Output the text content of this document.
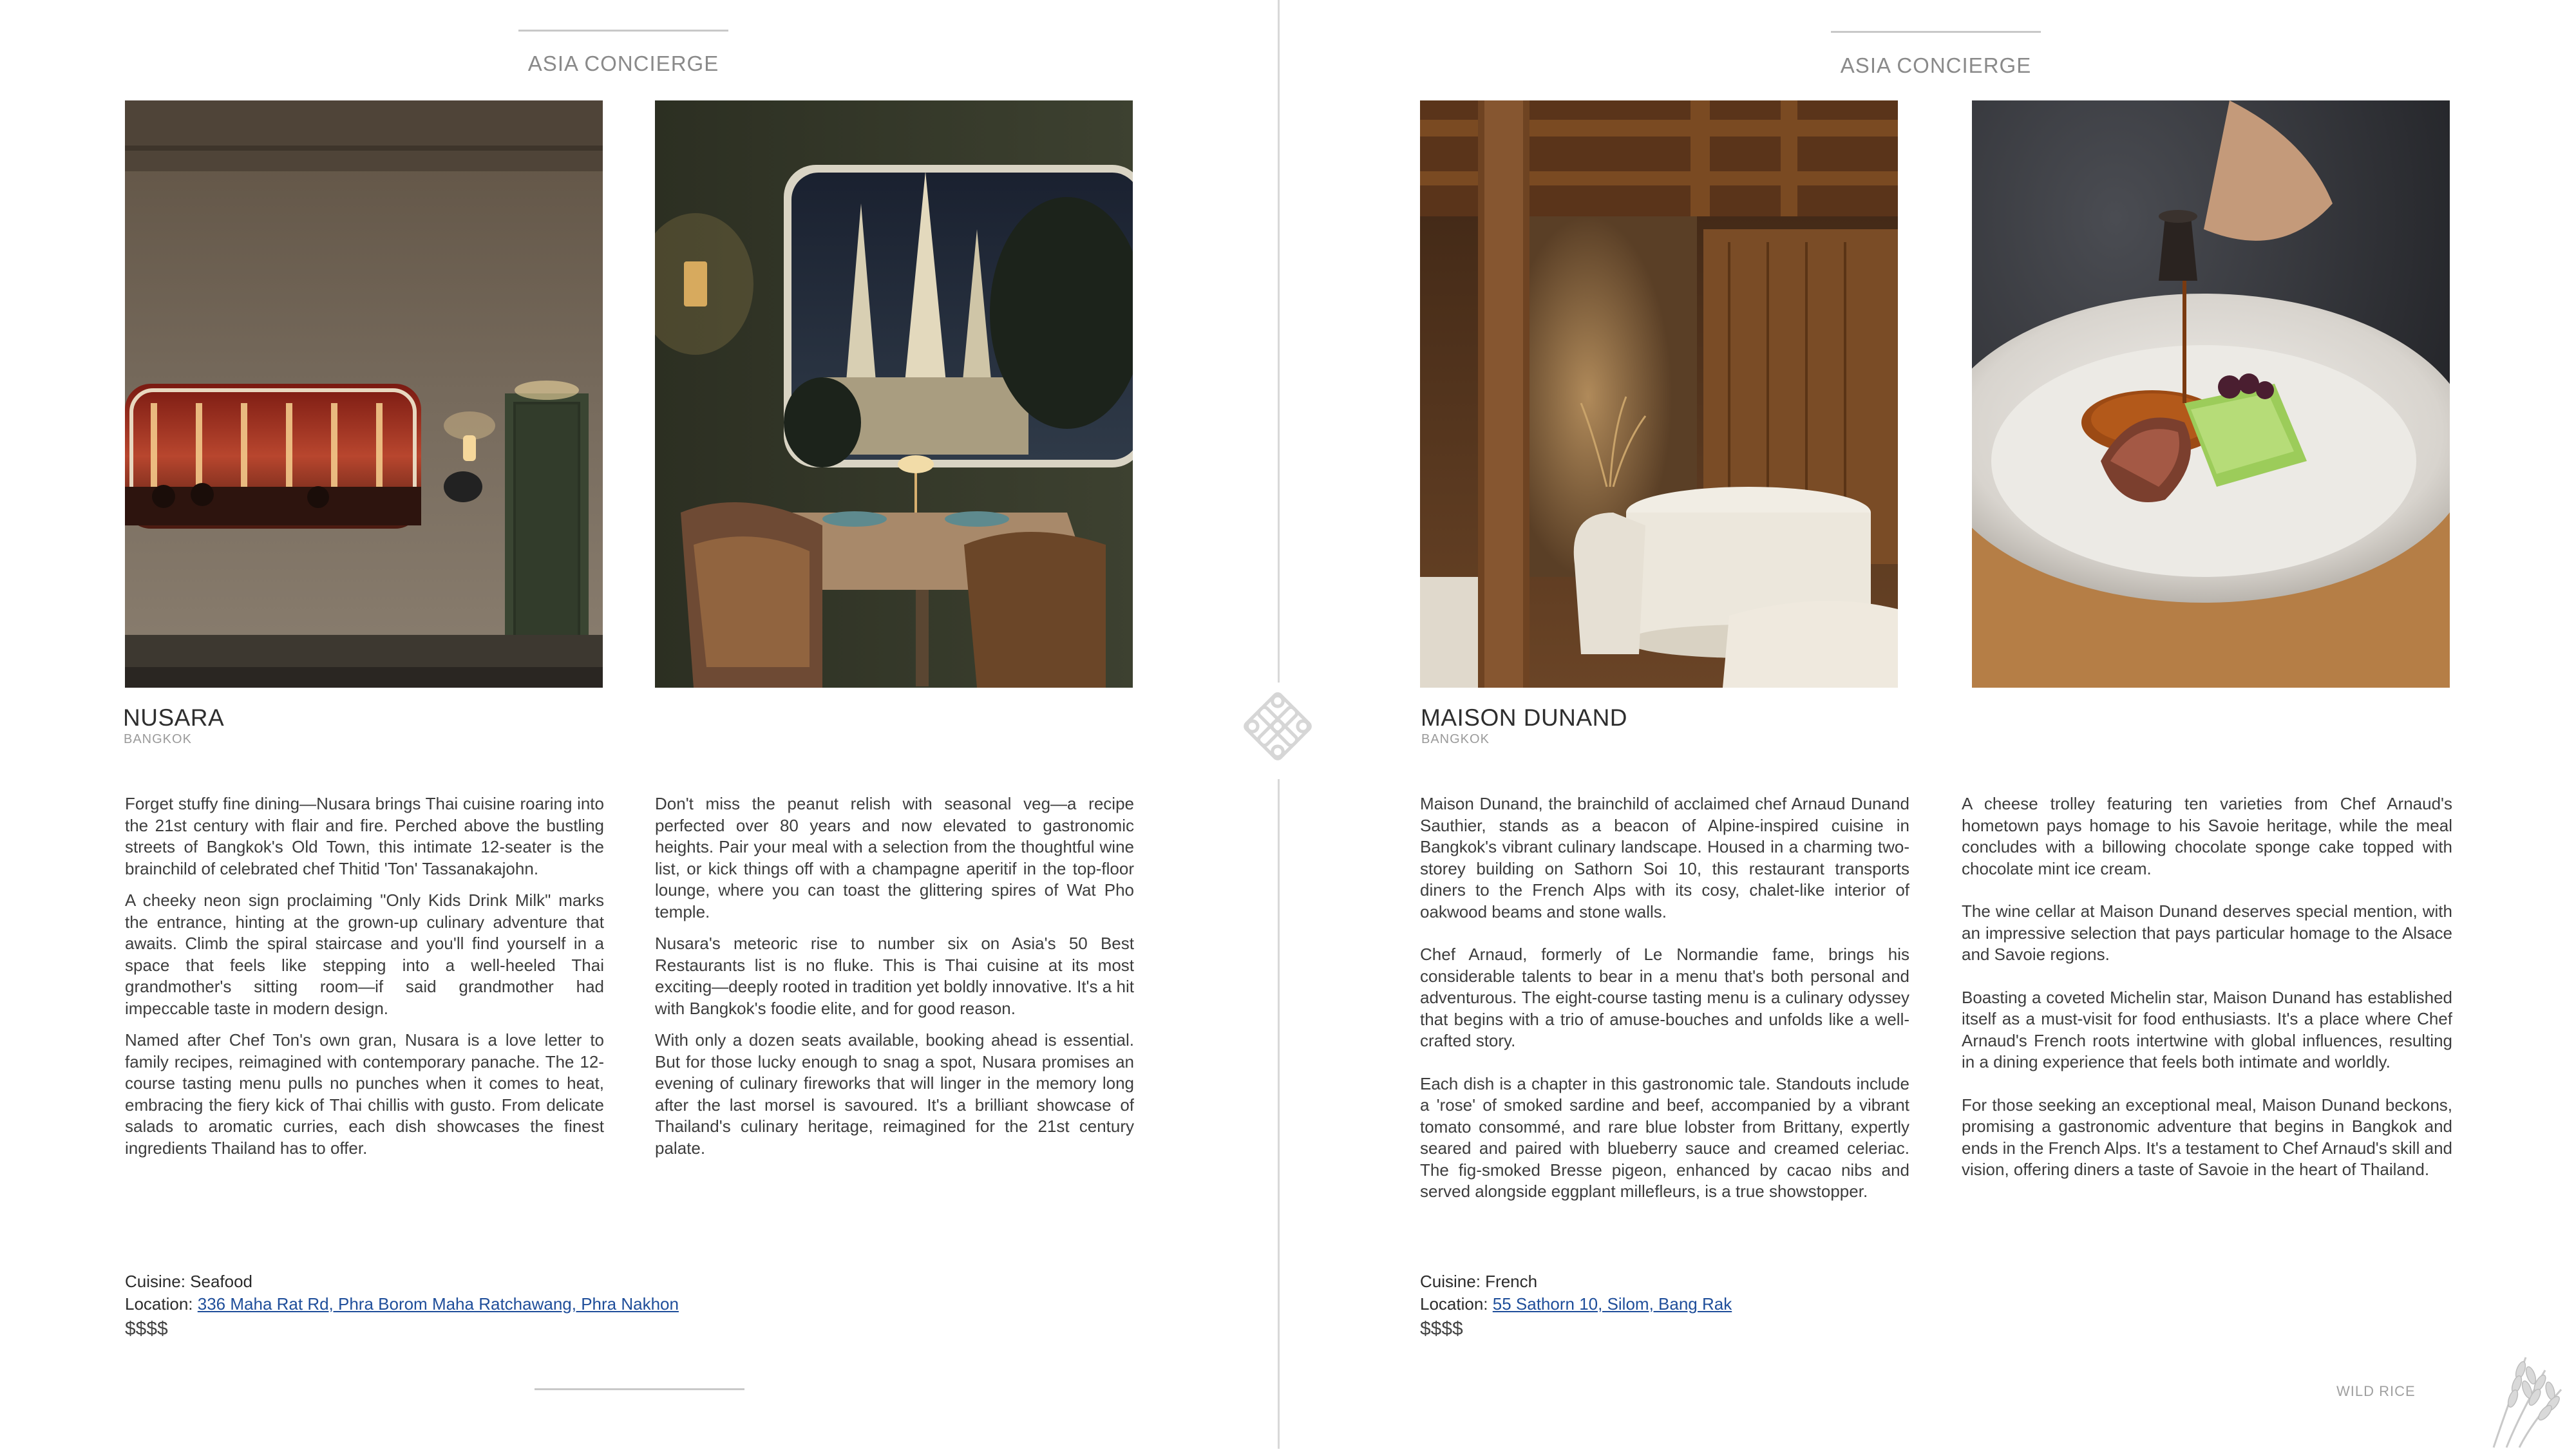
ASIA CONCIERGE
NUSARA
BANGKOK

Forget stuffy fine dining—Nusara brings Thai cuisine roaring into the 21st century with flair and fire. Perched above the bustling streets of Bangkok's Old Town, this intimate 12-seater is the brainchild of celebrated chef Thitid 'Ton' Tassanakajohn.

A cheeky neon sign proclaiming "Only Kids Drink Milk" marks the entrance, hinting at the grown-up culinary adventure that awaits. Climb the spiral staircase and you'll find yourself in a space that feels like stepping into a well-heeled Thai grandmother's sitting room—if said grandmother had impeccable taste in modern design.

Named after Chef Ton's own gran, Nusara is a love letter to family recipes, reimagined with contemporary panache. The 12-course tasting menu pulls no punches when it comes to heat, embracing the fiery kick of Thai chillis with gusto. From delicate salads to aromatic curries, each dish showcases the finest ingredients Thailand has to offer.

Don't miss the peanut relish with seasonal veg—a recipe perfected over 80 years and now elevated to gastronomic heights. Pair your meal with a selection from the thoughtful wine list, or kick things off with a champagne aperitif in the top-floor lounge, where you can toast the glittering spires of Wat Pho temple.

Nusara's meteoric rise to number six on Asia's 50 Best Restaurants list is no fluke. This is Thai cuisine at its most exciting—deeply rooted in tradition yet boldly innovative. It's a hit with Bangkok's foodie elite, and for good reason.

With only a dozen seats available, booking ahead is essential. But for those lucky enough to snag a spot, Nusara promises an evening of culinary fireworks that will linger in the memory long after the last morsel is savoured. It's a brilliant showcase of Thailand's culinary heritage, reimagined for the 21st century palate.

Cuisine: Seafood
Location: 336 Maha Rat Rd, Phra Borom Maha Ratchawang, Phra Nakhon
$$$$
ASIA CONCIERGE
MAISON DUNAND
BANGKOK

Maison Dunand, the brainchild of acclaimed chef Arnaud Dunand Sauthier, stands as a beacon of Alpine-inspired cuisine in Bangkok's vibrant culinary landscape. Housed in a charming two-storey building on Sathorn Soi 10, this restaurant transports diners to the French Alps with its cosy, chalet-like interior of oakwood beams and stone walls.

Chef Arnaud, formerly of Le Normandie fame, brings his considerable talents to bear in a menu that's both personal and adventurous. The eight-course tasting menu is a culinary odyssey that begins with a trio of amuse-bouches and unfolds like a well-crafted story.

Each dish is a chapter in this gastronomic tale. Standouts include a 'rose' of smoked sardine and beef, accompanied by a vibrant tomato consommé, and rare blue lobster from Brittany, expertly seared and paired with blueberry sauce and creamed celeriac. The fig-smoked Bresse pigeon, enhanced by cacao nibs and served alongside eggplant millefleurs, is a true showstopper.

A cheese trolley featuring ten varieties from Chef Arnaud's hometown pays homage to his Savoie heritage, while the meal concludes with a billowing chocolate sponge cake topped with chocolate mint ice cream.

The wine cellar at Maison Dunand deserves special mention, with an impressive selection that pays particular homage to the Alsace and Savoie regions.

Boasting a coveted Michelin star, Maison Dunand has established itself as a must-visit for food enthusiasts. It's a place where Chef Arnaud's French roots intertwine with global influences, resulting in a dining experience that feels both intimate and worldly.

For those seeking an exceptional meal, Maison Dunand beckons, promising a gastronomic adventure that begins in Bangkok and ends in the French Alps. It's a testament to Chef Arnaud's skill and vision, offering diners a taste of Savoie in the heart of Thailand.

Cuisine: French
Location: 55 Sathorn 10, Silom, Bang Rak
$$$$
WILD RICE
